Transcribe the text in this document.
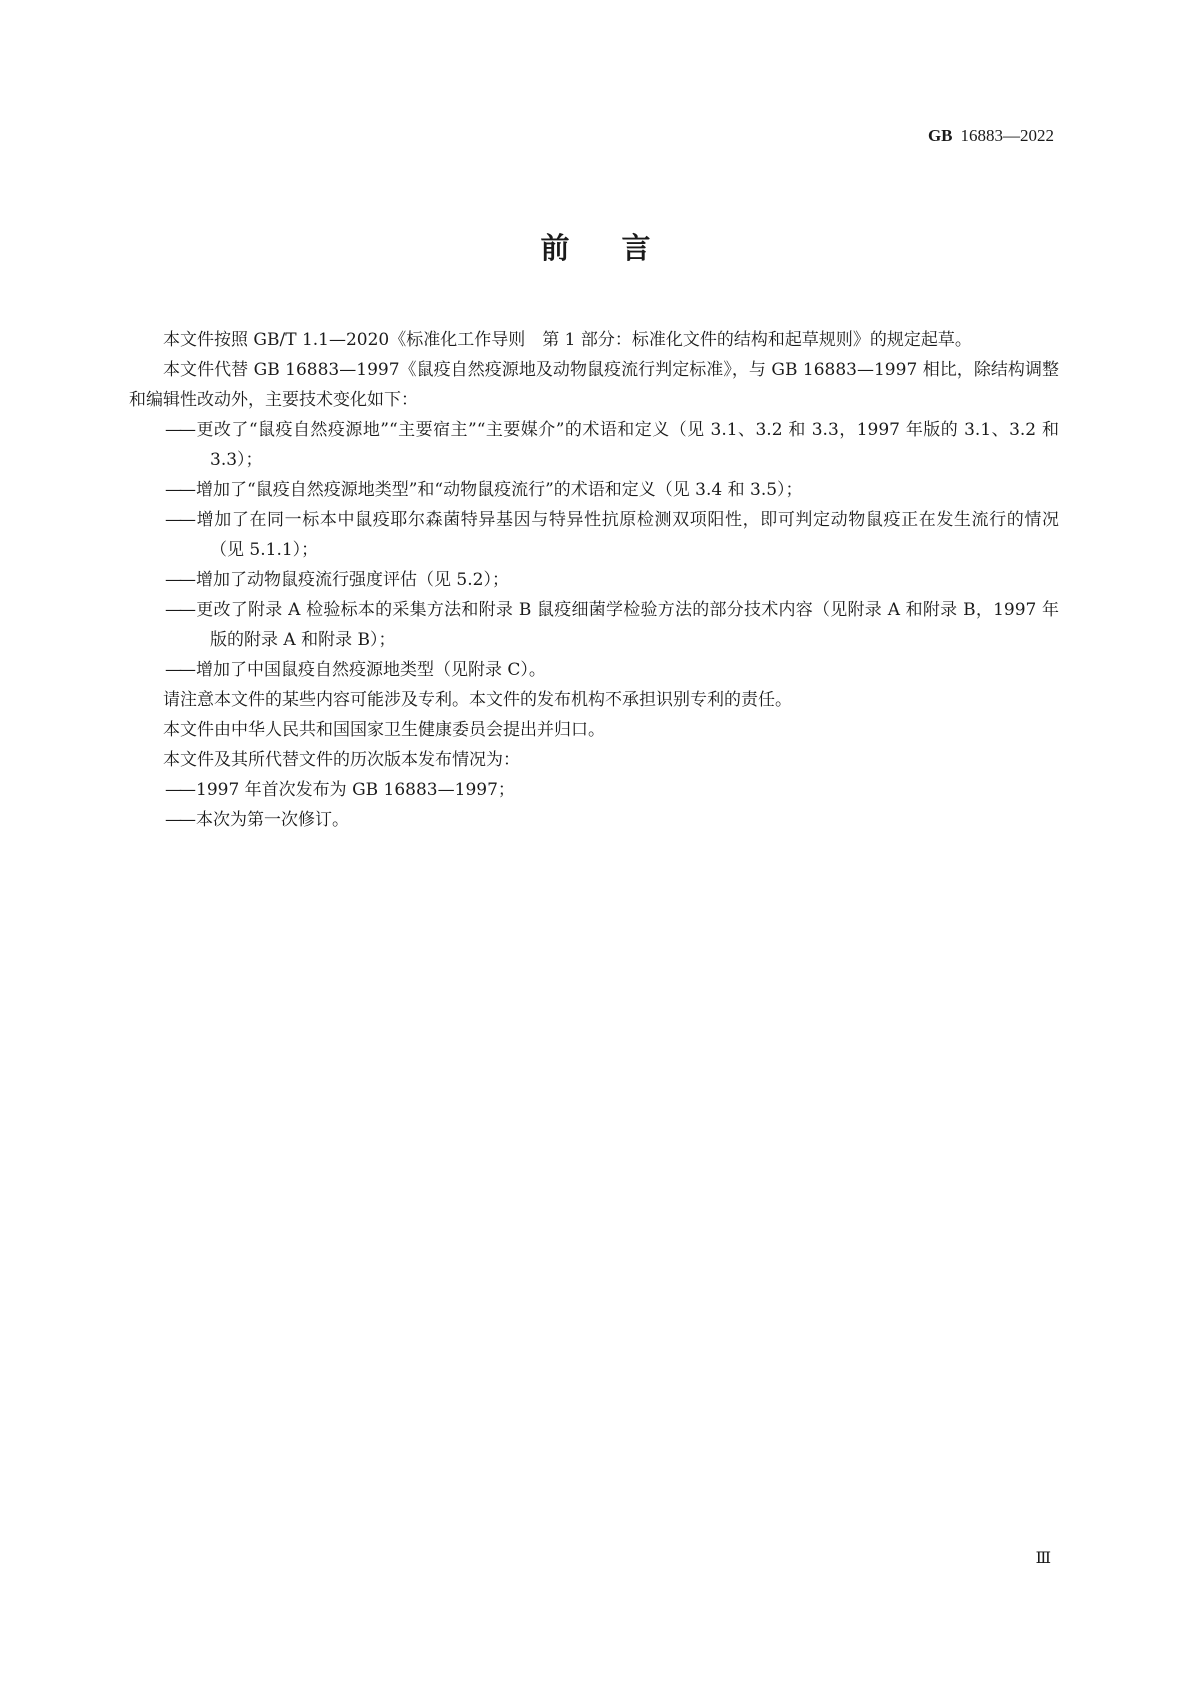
GB 16883—2022
前言

本文件按照 GB/T 1.1—2020《标准化工作导则　第 1 部分：标准化文件的结构和起草规则》的规定起草。

本文件代替 GB 16883—1997《鼠疫自然疫源地及动物鼠疫流行判定标准》，与 GB 16883—1997 相比，除结构调整和编辑性改动外，主要技术变化如下：

—— 更改了“鼠疫自然疫源地”“主要宿主”“主要媒介”的术语和定义（见 3.1、3.2 和 3.3，1997 年版的 3.1、3.2 和 3.3）；

—— 增加了“鼠疫自然疫源地类型”和“动物鼠疫流行”的术语和定义（见 3.4 和 3.5）；

—— 增加了在同一标本中鼠疫耶尔森菌特异基因与特异性抗原检测双项阳性，即可判定动物鼠疫正在发生流行的情况（见 5.1.1）；

—— 增加了动物鼠疫流行强度评估（见 5.2）；

—— 更改了附录 A 检验标本的采集方法和附录 B 鼠疫细菌学检验方法的部分技术内容（见附录 A 和附录 B，1997 年版的附录 A 和附录 B）；

—— 增加了中国鼠疫自然疫源地类型（见附录 C）。

请注意本文件的某些内容可能涉及专利。本文件的发布机构不承担识别专利的责任。

本文件由中华人民共和国国家卫生健康委员会提出并归口。

本文件及其所代替文件的历次版本发布情况为：

—— 1997 年首次发布为 GB 16883—1997；

—— 本次为第一次修订。

Ⅲ
